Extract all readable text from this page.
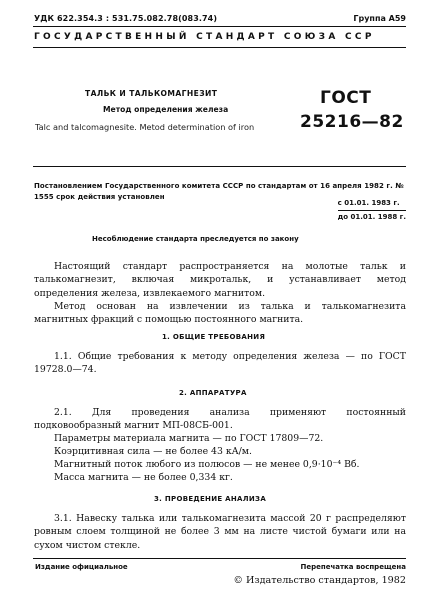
УДК 622.354.3 : 531.75.082.78(083.74)	Группа А59
ГОСУДАРСТВЕННЫЙ СТАНДАРТ СОЮЗА ССР
ТАЛЬК И ТАЛЬКОМАГНЕЗИТ
Метод определения железа
Talc and talcomagnesite. Metod determination of iron
ГОСТ
25216—82
Постановлением Государственного комитета СССР по стандартам от 16 апреля 1982 г. № 1555 срок действия установлен
с 01.01. 1983 г.
до 01.01. 1988 г.
Несоблюдение стандарта преследуется по закону
Настоящий стандарт распространяется на молотые тальк и талькомагнезит, включая микротальк, и устанавливает метод определения железа, извлекаемого магнитом.
Метод основан на извлечении из талька и талькомагнезита магнитных фракций с помощью постоянного магнита.
1. ОБЩИЕ ТРЕБОВАНИЯ
1.1. Общие требования к методу определения железа — по ГОСТ 19728.0—74.
2. АППАРАТУРА
2.1. Для проведения анализа применяют постоянный подковообразный магнит МП-08СБ-001.
Параметры материала магнита — по ГОСТ 17809—72.
Коэрцитивная сила — не более 43 кА/м.
Магнитный поток любого из полюсов — не менее 0,9·10⁻⁴ Вб.
Масса магнита — не более 0,334 кг.
3. ПРОВЕДЕНИЕ АНАЛИЗА
3.1. Навеску талька или талькомагнезита массой 20 г распределяют ровным слоем толщиной не более 3 мм на листе чистой бумаги или на сухом чистом стекле.
Издание официальное	Перепечатка воспрещена
© Издательство стандартов, 1982
